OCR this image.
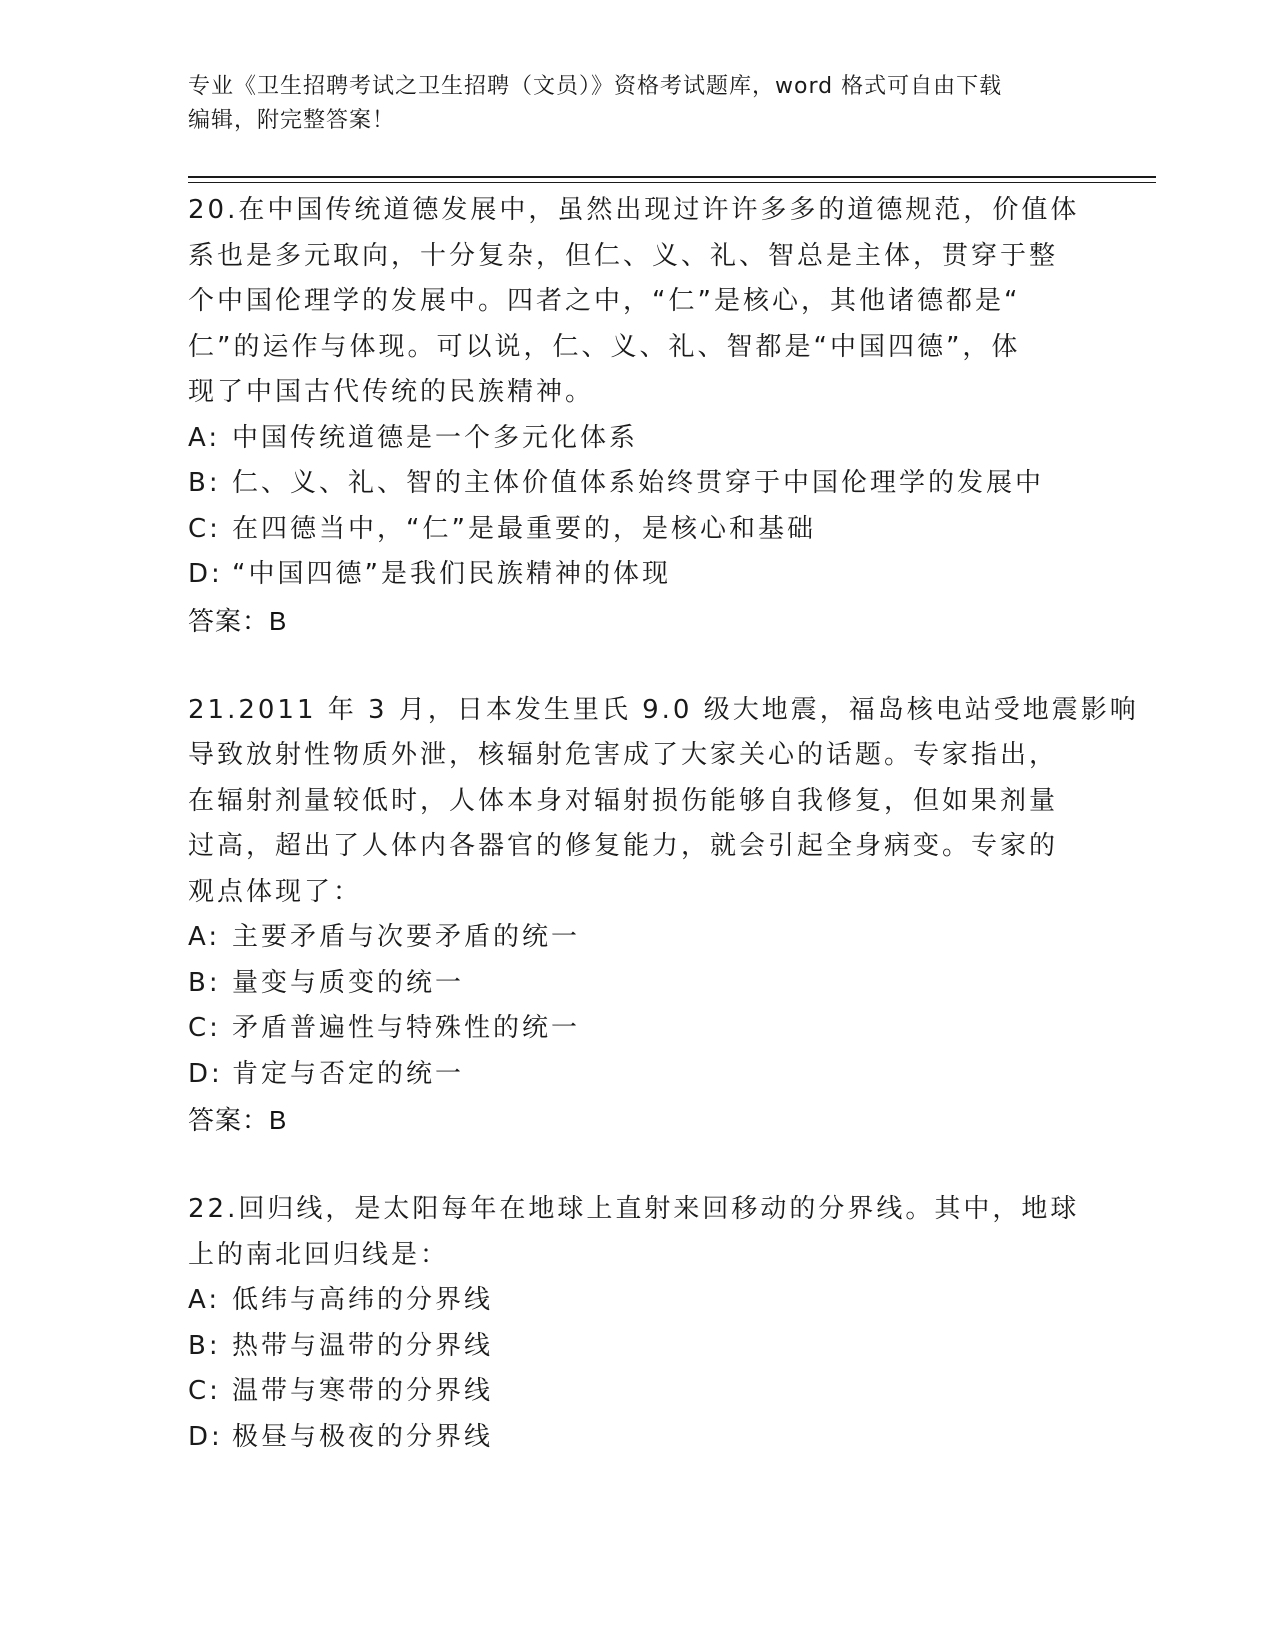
专业《卫生招聘考试之卫生招聘（文员）》资格考试题库，word 格式可自由下载
编辑，附完整答案！
20.在中国传统道德发展中，虽然出现过许许多多的道德规范，价值体
系也是多元取向，十分复杂，但仁、义、礼、智总是主体，贯穿于整
个中国伦理学的发展中。四者之中，“仁”是核心，其他诸德都是“
仁”的运作与体现。可以说，仁、义、礼、智都是“中国四德”，体
现了中国古代传统的民族精神。
A: 中国传统道德是一个多元化体系
B: 仁、义、礼、智的主体价值体系始终贯穿于中国伦理学的发展中
C: 在四德当中，“仁”是最重要的，是核心和基础
D: “中国四德”是我们民族精神的体现
答案：B
21.2011 年 3 月，日本发生里氏 9.0 级大地震，福岛核电站受地震影响
导致放射性物质外泄，核辐射危害成了大家关心的话题。专家指出，
在辐射剂量较低时，人体本身对辐射损伤能够自我修复，但如果剂量
过高，超出了人体内各器官的修复能力，就会引起全身病变。专家的
观点体现了：
A: 主要矛盾与次要矛盾的统一
B: 量变与质变的统一
C: 矛盾普遍性与特殊性的统一
D: 肯定与否定的统一
答案：B
22.回归线，是太阳每年在地球上直射来回移动的分界线。其中，地球
上的南北回归线是：
A: 低纬与高纬的分界线
B: 热带与温带的分界线
C: 温带与寒带的分界线
D: 极昼与极夜的分界线
